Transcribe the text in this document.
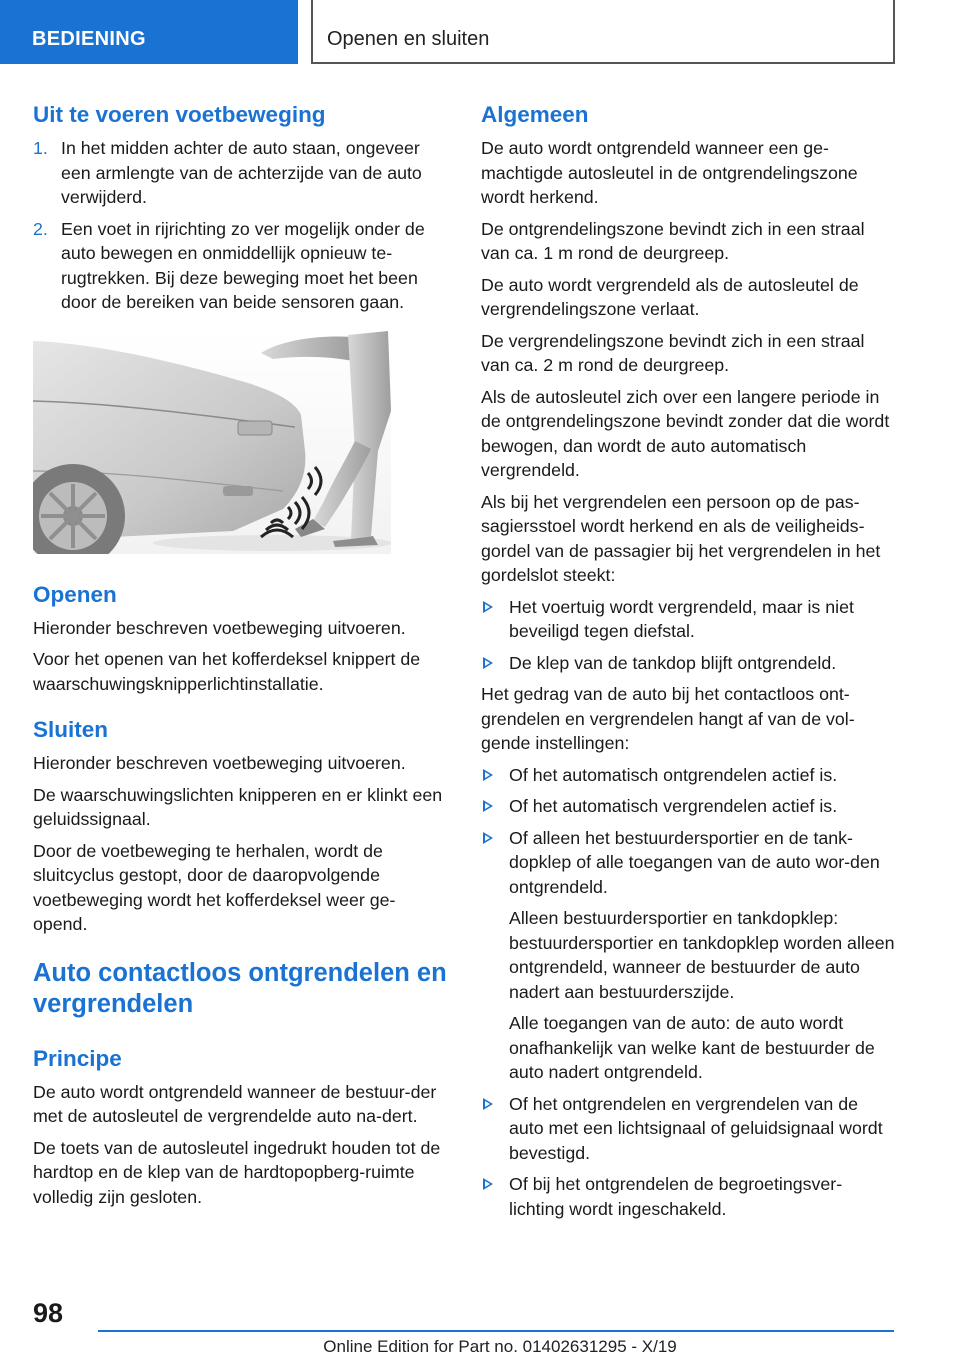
BEDIENING	Openen en sluiten
Uit te voeren voetbeweging
1. In het midden achter de auto staan, ongeveer een armlengte van de achterzijde van de auto verwijderd.
2. Een voet in rijrichting zo ver mogelijk onder de auto bewegen en onmiddellijk opnieuw te-rugtrekken. Bij deze beweging moet het been door de bereiken van beide sensoren gaan.
Openen

Hieronder beschreven voetbeweging uitvoeren.

Voor het openen van het kofferdeksel knippert de waarschuwingsknipperlichtinstallatie.

Sluiten

Hieronder beschreven voetbeweging uitvoeren.

De waarschuwingslichten knipperen en er klinkt een geluidssignaal.

Door de voetbeweging te herhalen, wordt de sluitcyclus gestopt, door de daaropvolgende voetbeweging wordt het kofferdeksel weer ge-opend.

Auto contactloos ontgrendelen en vergrendelen
Principe

De auto wordt ontgrendeld wanneer de bestuur-der met de autosleutel de vergrendelde auto na-dert.

De toets van de autosleutel ingedrukt houden tot de hardtop en de klep van de hardtopopberg-ruimte volledig zijn gesloten.

Algemeen

De auto wordt ontgrendeld wanneer een ge-machtigde autosleutel in de ontgrendelingszone wordt herkend.

De ontgrendelingszone bevindt zich in een straal van ca. 1 m rond de deurgreep.

De auto wordt vergrendeld als de autosleutel de vergrendelingszone verlaat.

De vergrendelingszone bevindt zich in een straal van ca. 2 m rond de deurgreep.

Als de autosleutel zich over een langere periode in de ontgrendelingszone bevindt zonder dat die wordt bewogen, dan wordt de auto automatisch vergrendeld.

Als bij het vergrendelen een persoon op de pas-sagiersstoel wordt herkend en als de veiligheids-gordel van de passagier bij het vergrendelen in het gordelslot steekt:

Het voertuig wordt vergrendeld, maar is niet beveiligd tegen diefstal.
De klep van de tankdop blijft ontgrendeld.

Het gedrag van de auto bij het contactloos ont-grendelen en vergrendelen hangt af van de vol-gende instellingen:

Of het automatisch ontgrendelen actief is.
Of het automatisch vergrendelen actief is.
Of alleen het bestuurdersportier en de tank-dopklep of alle toegangen van de auto wor-den ontgrendeld.

Alleen bestuurdersportier en tankdopklep: bestuurdersportier en tankdopklep worden alleen ontgrendeld, wanneer de bestuurder de auto nadert aan bestuurderszijde.

Alle toegangen van de auto: de auto wordt onafhankelijk van welke kant de bestuurder de auto nadert ontgrendeld.

Of het ontgrendelen en vergrendelen van de auto met een lichtsignaal of geluidsignaal wordt bevestigd.
Of bij het ontgrendelen de begroetingsver-lichting wordt ingeschakeld.
98
Online Edition for Part no. 01402631295 - X/19
